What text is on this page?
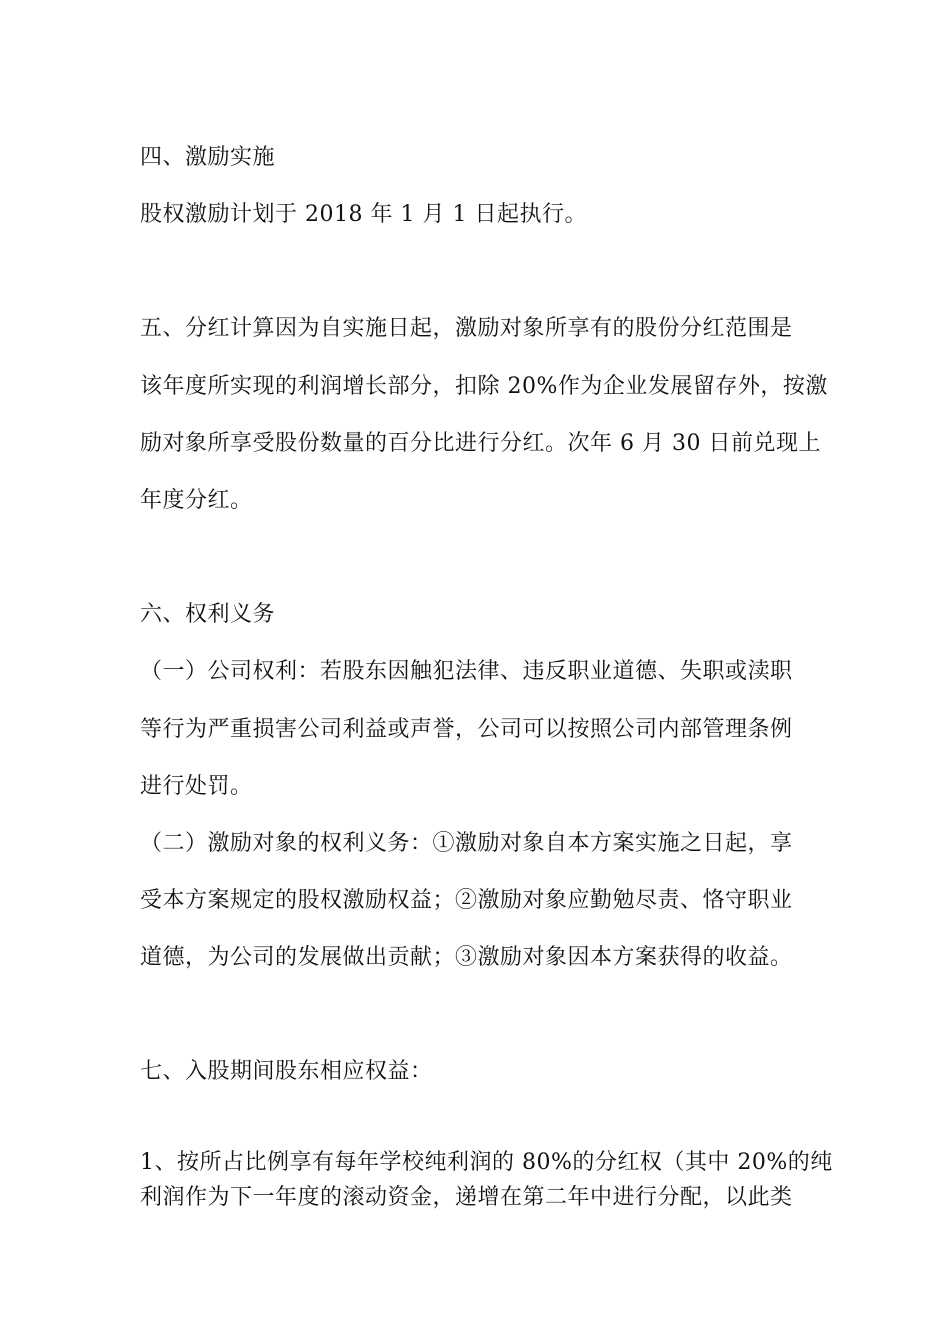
四、激励实施
股权激励计划于 2018 年 1 月 1 日起执行。
五、分红计算因为自实施日起，激励对象所享有的股份分红范围是
该年度所实现的利润增长部分，扣除 20%作为企业发展留存外，按激
励对象所享受股份数量的百分比进行分红。次年 6 月 30 日前兑现上
年度分红。
六、权利义务
（一）公司权利：若股东因触犯法律、违反职业道德、失职或渎职
等行为严重损害公司利益或声誉，公司可以按照公司内部管理条例
进行处罚。
（二）激励对象的权利义务：①激励对象自本方案实施之日起，享
受本方案规定的股权激励权益；②激励对象应勤勉尽责、恪守职业
道德，为公司的发展做出贡献；③激励对象因本方案获得的收益。
七、入股期间股东相应权益：
1、按所占比例享有每年学校纯利润的 80%的分红权（其中 20%的纯
利润作为下一年度的滚动资金，递增在第二年中进行分配，以此类
